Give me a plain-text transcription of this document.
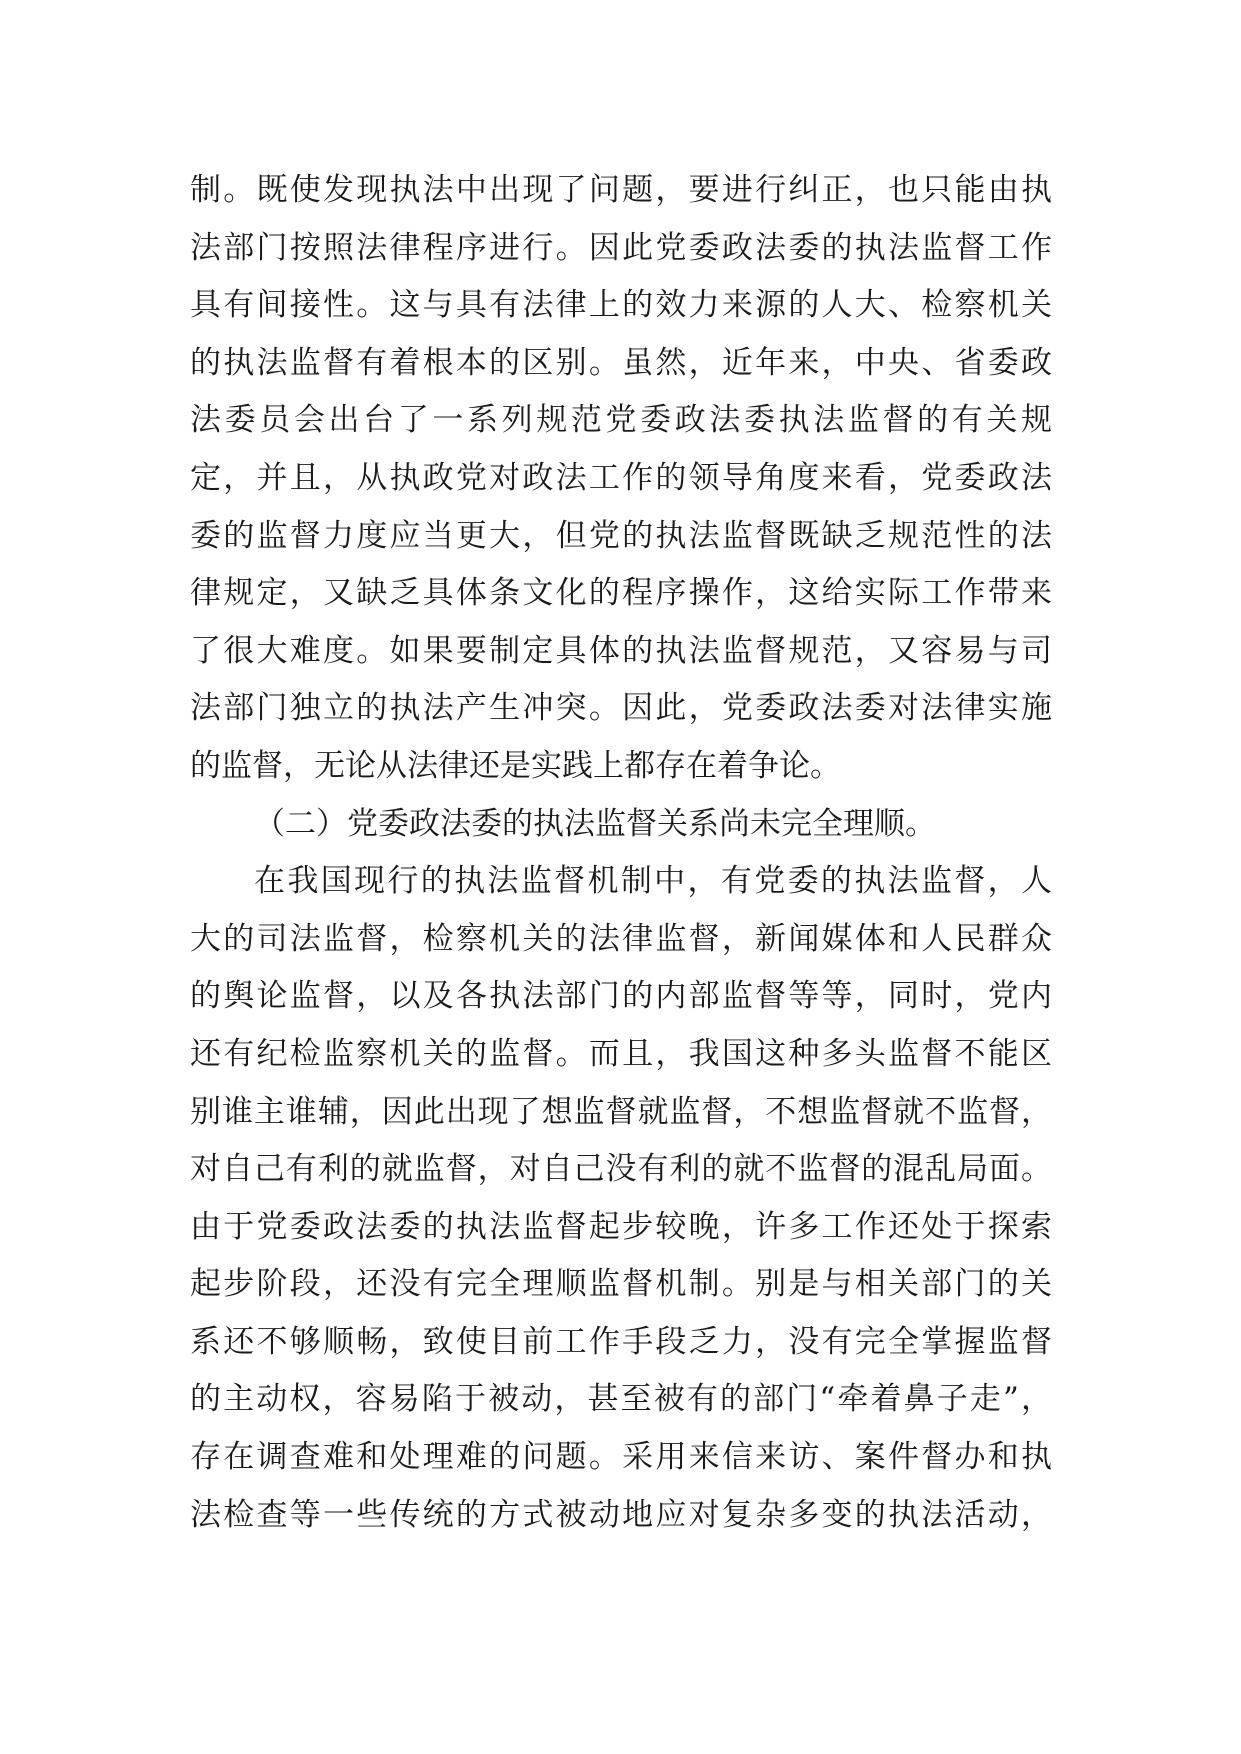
制。既使发现执法中出现了问题，要进行纠正，也只能由执
法部门按照法律程序进行。因此党委政法委的执法监督工作
具有间接性。这与具有法律上的效力来源的人大、检察机关
的执法监督有着根本的区别。虽然，近年来，中央、省委政
法委员会出台了一系列规范党委政法委执法监督的有关规
定，并且，从执政党对政法工作的领导角度来看，党委政法
委的监督力度应当更大，但党的执法监督既缺乏规范性的法
律规定，又缺乏具体条文化的程序操作，这给实际工作带来
了很大难度。如果要制定具体的执法监督规范，又容易与司
法部门独立的执法产生冲突。因此，党委政法委对法律实施
的监督，无论从法律还是实践上都存在着争论。
（二）党委政法委的执法监督关系尚未完全理顺。
在我国现行的执法监督机制中，有党委的执法监督，人
大的司法监督，检察机关的法律监督，新闻媒体和人民群众
的舆论监督，以及各执法部门的内部监督等等，同时，党内
还有纪检监察机关的监督。而且，我国这种多头监督不能区
别谁主谁辅，因此出现了想监督就监督，不想监督就不监督，
对自己有利的就监督，对自己没有利的就不监督的混乱局面。
由于党委政法委的执法监督起步较晚，许多工作还处于探索
起步阶段，还没有完全理顺监督机制。别是与相关部门的关
系还不够顺畅，致使目前工作手段乏力，没有完全掌握监督
的主动权，容易陷于被动，甚至被有的部门“牵着鼻子走”，
存在调查难和处理难的问题。采用来信来访、案件督办和执
法检查等一些传统的方式被动地应对复杂多变的执法活动，
